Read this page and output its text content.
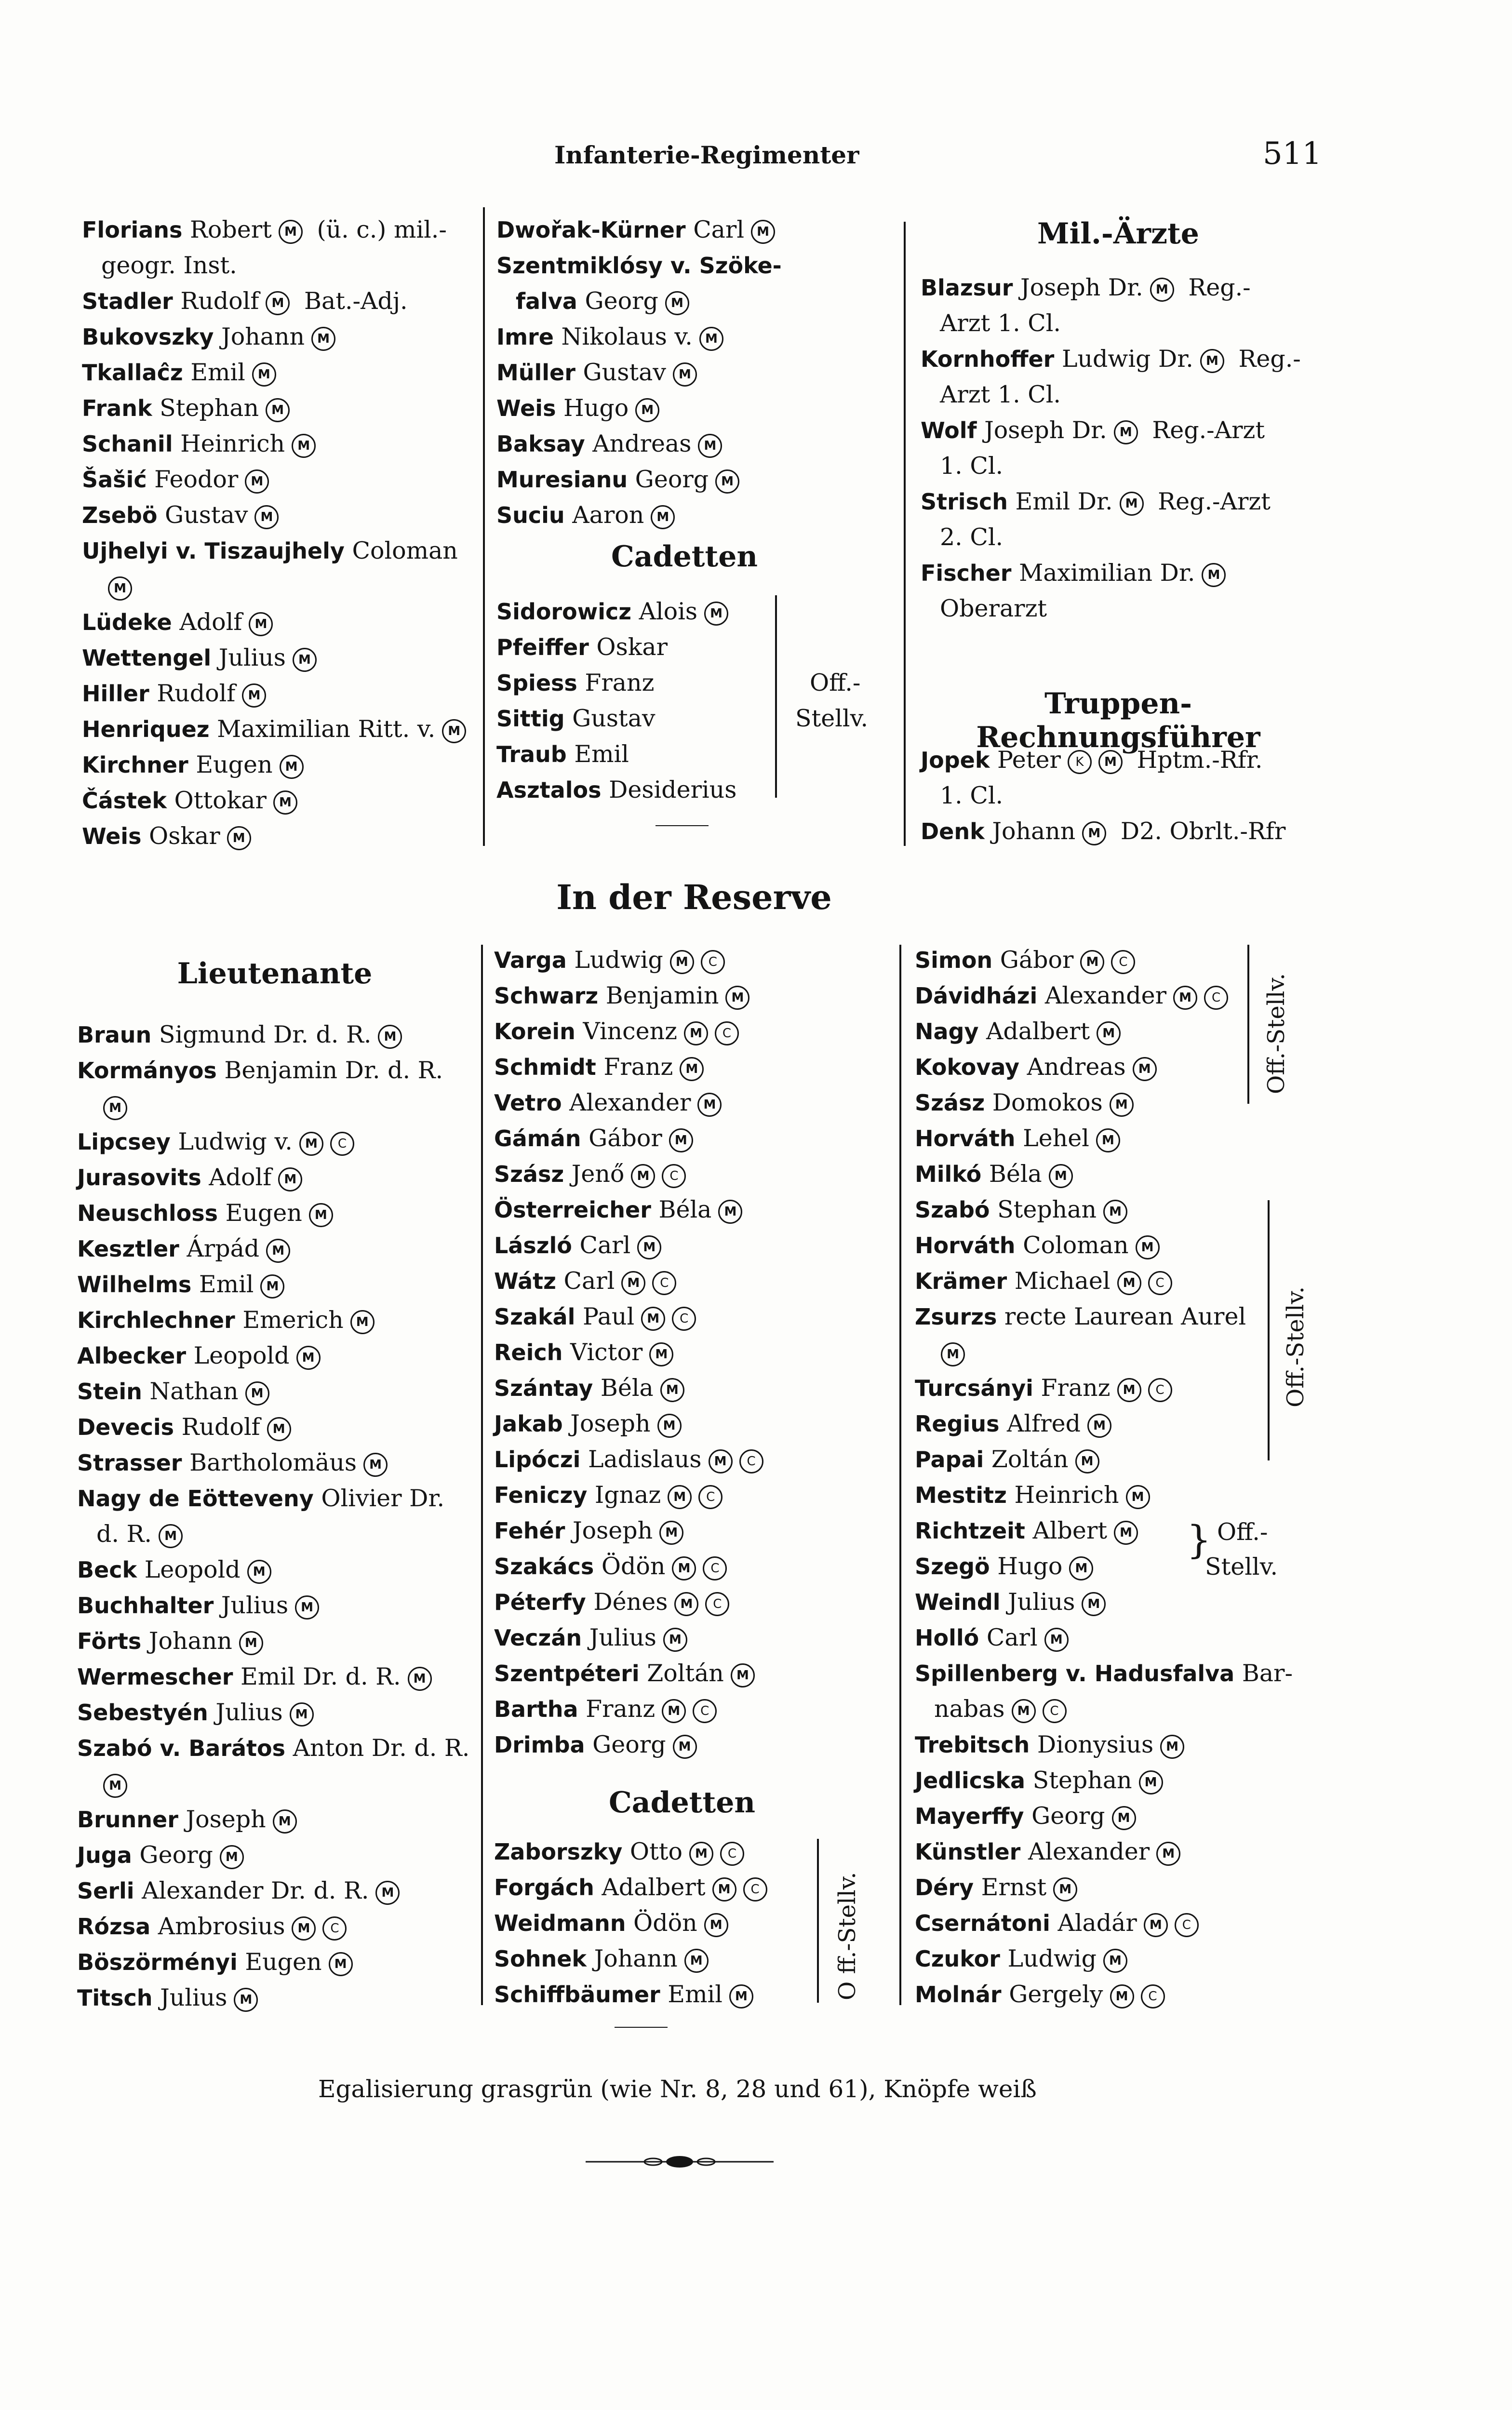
Infanterie-Regimenter	511
Florians Robert M (ü. c.) mil.-
geogr. Inst.
Stadler Rudolf M Bat.-Adj.
Bukovszky Johann M
Tkallaĉz Emil M
Frank Stephan M
Schanil Heinrich M
Šašić Feodor M
Zsebö Gustav M
Ujhelyi v. Tiszaujhely Coloman
M
Lüdeke Adolf M
Wettengel Julius M
Hiller Rudolf M
Henriquez Maximilian Ritt. v. M
Kirchner Eugen M
Částek Ottokar M
Weis Oskar M
Dwořak-Kürner Carl M
Szentmiklósy v. Szöke-
falva Georg M
Imre Nikolaus v. M
Müller Gustav M
Weis Hugo M
Baksay Andreas M
Muresianu Georg M
Suciu Aaron M
Cadetten
Sidorowicz Alois M
Pfeiffer Oskar
Spiess Franz
Sittig Gustav
Traub Emil
Asztalos Desiderius
Off.-
Stellv.
Mil.-Ärzte
Blazsur Joseph Dr. M Reg.-
Arzt 1. Cl.
Kornhoffer Ludwig Dr. M Reg.-
Arzt 1. Cl.
Wolf Joseph Dr. M Reg.-Arzt
1. Cl.
Strisch Emil Dr. M Reg.-Arzt
2. Cl.
Fischer Maximilian Dr. M
Oberarzt
Truppen-Rechnungsführer
Jopek Peter K M Hptm.-Rfr.
1. Cl.
Denk Johann M D2. Obrlt.-Rfr
In der Reserve
Lieutenante
Braun Sigmund Dr. d. R. M
Kormányos Benjamin Dr. d. R.
M
Lipcsey Ludwig v. M C
Jurasovits Adolf M
Neuschloss Eugen M
Kesztler Árpád M
Wilhelms Emil M
Kirchlechner Emerich M
Albecker Leopold M
Stein Nathan M
Devecis Rudolf M
Strasser Bartholomäus M
Nagy de Eötteveny Olivier Dr.
d. R. M
Beck Leopold M
Buchhalter Julius M
Förts Johann M
Wermescher Emil Dr. d. R. M
Sebestyén Julius M
Szabó v. Barátos Anton Dr. d. R.
M
Brunner Joseph M
Juga Georg M
Serli Alexander Dr. d. R. M
Rózsa Ambrosius M C
Böszörményi Eugen M
Titsch Julius M
Varga Ludwig M C
Schwarz Benjamin M
Korein Vincenz M C
Schmidt Franz M
Vetro Alexander M
Gámán Gábor M
Szász Jenő M C
Österreicher Béla M
László Carl M
Wátz Carl M C
Szakál Paul M C
Reich Victor M
Szántay Béla M
Jakab Joseph M
Lipóczi Ladislaus M C
Feniczy Ignaz M C
Fehér Joseph M
Szakács Ödön M C
Péterfy Dénes M C
Veczán Julius M
Szentpéteri Zoltán M
Bartha Franz M C
Drimba Georg M
Cadetten
Zaborszky Otto M C
Forgách Adalbert M C
Weidmann Ödön M
Sohnek Johann M
Schiffbäumer Emil M	O ff.-Stellv.
Simon Gábor M C
Dávidházi Alexander M C
Nagy Adalbert M
Kokovay Andreas M
Szász Domokos M
Horváth Lehel M
Milkó Béla M
Szabó Stephan M
Horváth Coloman M
Krämer Michael M C
Zsurzs recte Laurean Aurel
M
Turcsányi Franz M C
Regius Alfred M
Papai Zoltán M
Mestitz Heinrich M
Richtzeit Albert M
Szegö Hugo M
Weindl Julius M
Holló Carl M
Spillenberg v. Hadusfalva Bar-
nabas M C
Trebitsch Dionysius M
Jedlicska Stephan M
Mayerffy Georg M
Künstler Alexander M
Déry Ernst M
Csernátoni Aladár M C
Czukor Ludwig M
Molnár Gergely M C
Off.-Stellv.
Off.-Stellv.
} Off.-
Stellv.
Egalisierung grasgrün (wie Nr. 8, 28 und 61), Knöpfe weiß
